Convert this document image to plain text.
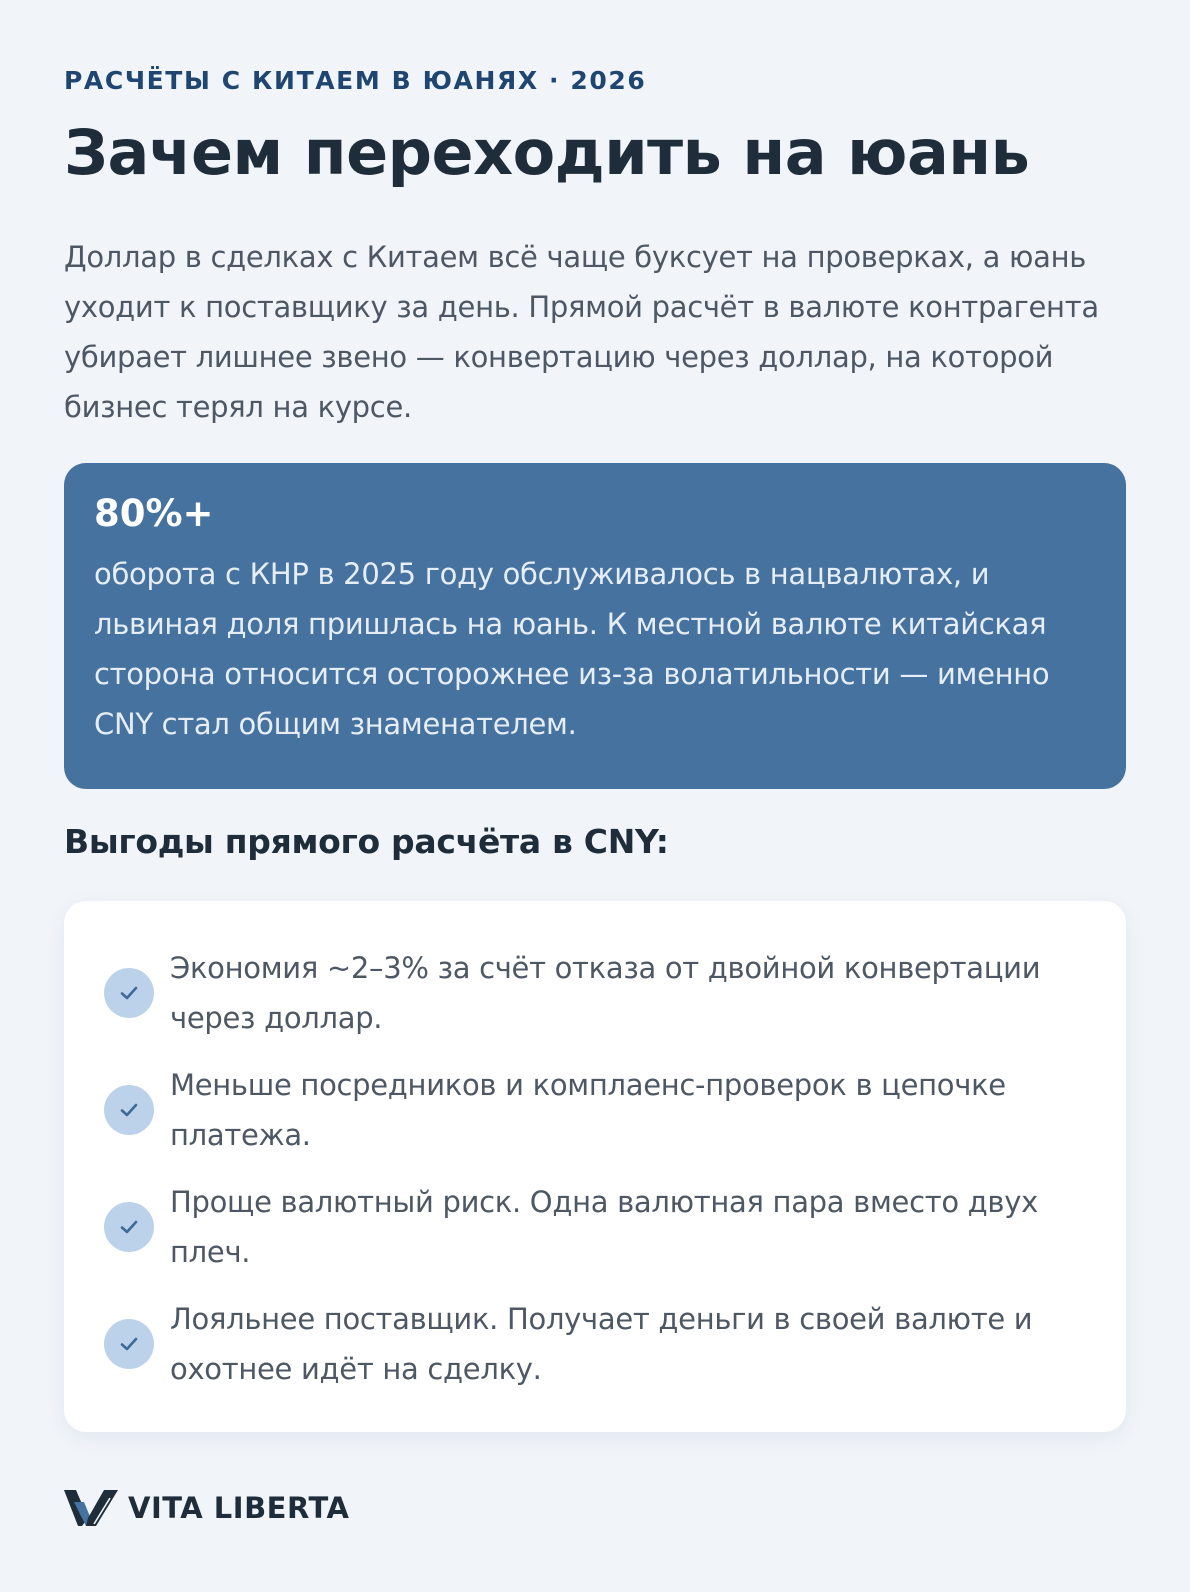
РАСЧЁТЫ С КИТАЕМ В ЮАНЯХ · 2026
Зачем переходить на юань

Доллар в сделках с Китаем всё чаще буксует на проверках, а юань уходит к поставщику за день. Прямой расчёт в валюте контрагента убирает лишнее звено — конвертацию через доллар, на которой бизнес терял на курсе.

80%+
оборота с КНР в 2025 году обслуживалось в нацвалютах, и львиная доля пришлась на юань. К местной валюте китайская сторона относится осторожнее из-за волатильности — именно CNY стал общим знаменателем.
Выгоды прямого расчёта в CNY:
Экономия ~2–3% за счёт отказа от двойной конвертации через доллар.
Меньше посредников и комплаенс-проверок в цепочке платежа.
Проще валютный риск. Одна валютная пара вместо двух плеч.
Лояльнее поставщик. Получает деньги в своей валюте и охотнее идёт на сделку.
VITA LIBERTA
